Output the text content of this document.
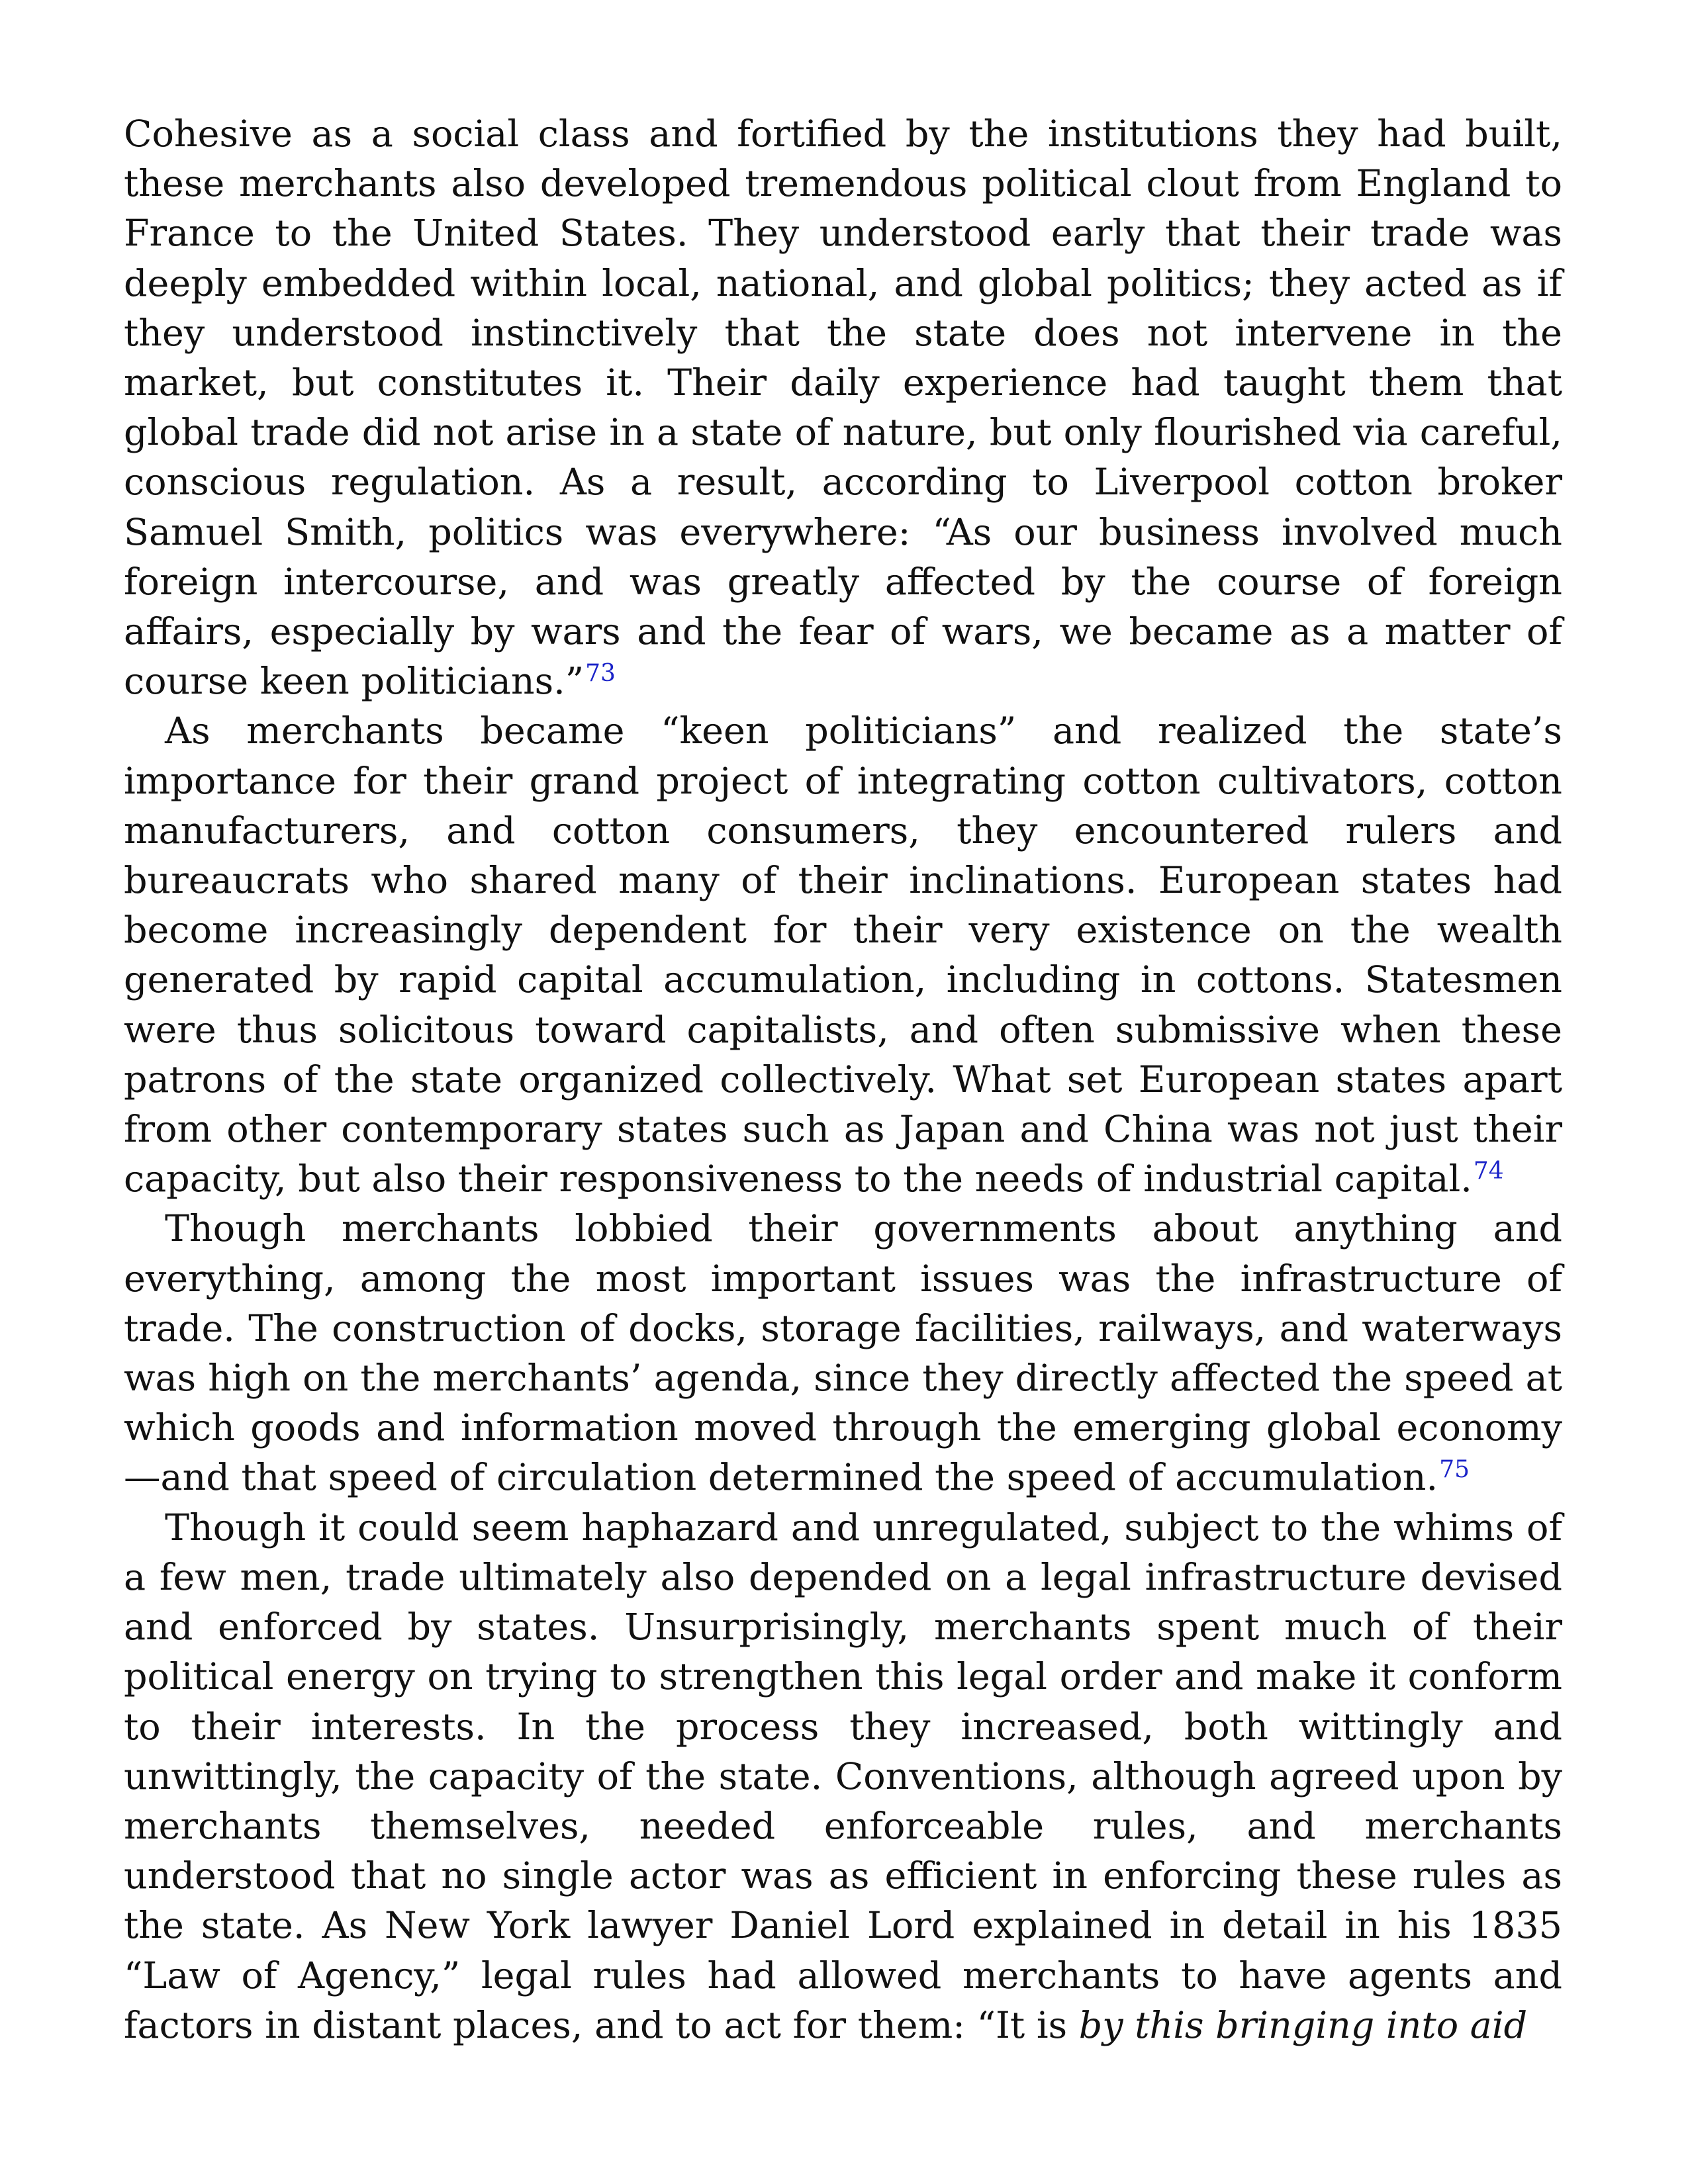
Cohesive as a social class and fortified by the institutions they had built, these merchants also developed tremendous political clout from England to France to the United States. They understood early that their trade was deeply embedded within local, national, and global politics; they acted as if they understood instinctively that the state does not intervene in the market, but constitutes it. Their daily experience had taught them that global trade did not arise in a state of nature, but only flourished via careful, conscious regulation. As a result, according to Liverpool cotton broker Samuel Smith, politics was everywhere: “As our business involved much foreign intercourse, and was greatly affected by the course of foreign affairs, especially by wars and the fear of wars, we became as a matter of course keen politicians.”$^{73}$

As merchants became “keen politicians” and realized the state’s importance for their grand project of integrating cotton cultivators, cotton manufacturers, and cotton consumers, they encountered rulers and bureaucrats who shared many of their inclinations. European states had become increasingly dependent for their very existence on the wealth generated by rapid capital accumulation, including in cottons. Statesmen were thus solicitous toward capitalists, and often submissive when these patrons of the state organized collectively. What set European states apart from other contemporary states such as Japan and China was not just their capacity, but also their responsiveness to the needs of industrial capital.$^{74}$

Though merchants lobbied their governments about anything and everything, among the most important issues was the infrastructure of trade. The construction of docks, storage facilities, railways, and waterways was high on the merchants’ agenda, since they directly affected the speed at which goods and information moved through the emerging global economy —and that speed of circulation determined the speed of accumulation.$^{75}$

Though it could seem haphazard and unregulated, subject to the whims of a few men, trade ultimately also depended on a legal infrastructure devised and enforced by states. Unsurprisingly, merchants spent much of their political energy on trying to strengthen this legal order and make it conform to their interests. In the process they increased, both wittingly and unwittingly, the capacity of the state. Conventions, although agreed upon by merchants themselves, needed enforceable rules, and merchants understood that no single actor was as efficient in enforcing these rules as the state. As New York lawyer Daniel Lord explained in detail in his 1835 “Law of Agency,” legal rules had allowed merchants to have agents and factors in distant places, and to act for them: “It is by this bringing into aid
